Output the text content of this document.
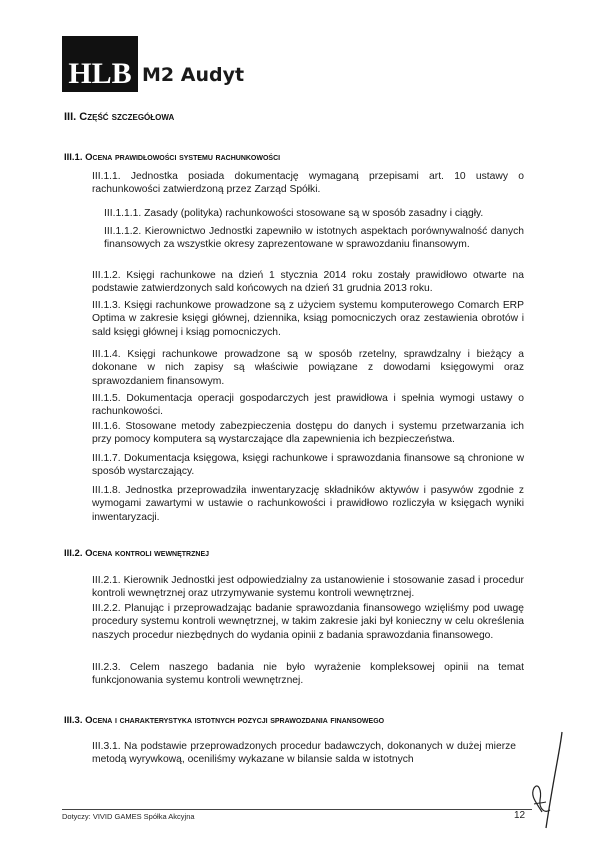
HLB M2 Audyt
III. Część szczegółowa
III.1. Ocena prawidłowości systemu rachunkowości
III.1.1. Jednostka posiada dokumentację wymaganą przepisami art. 10 ustawy o rachunkowości zatwierdzoną przez Zarząd Spółki.
III.1.1.1. Zasady (polityka) rachunkowości stosowane są w sposób zasadny i ciągły.
III.1.1.2. Kierownictwo Jednostki zapewniło w istotnych aspektach porównywalność danych finansowych za wszystkie okresy zaprezentowane w sprawozdaniu finansowym.
III.1.2. Księgi rachunkowe na dzień 1 stycznia 2014 roku zostały prawidłowo otwarte na podstawie zatwierdzonych sald końcowych na dzień 31 grudnia 2013 roku.
III.1.3. Księgi rachunkowe prowadzone są z użyciem systemu komputerowego Comarch ERP Optima w zakresie księgi głównej, dziennika, ksiąg pomocniczych oraz zestawienia obrotów i sald księgi głównej i ksiąg pomocniczych.
III.1.4. Księgi rachunkowe prowadzone są w sposób rzetelny, sprawdzalny i bieżący a dokonane w nich zapisy są właściwie powiązane z dowodami księgowymi oraz sprawozdaniem finansowym.
III.1.5. Dokumentacja operacji gospodarczych jest prawidłowa i spełnia wymogi ustawy o rachunkowości.
III.1.6. Stosowane metody zabezpieczenia dostępu do danych i systemu przetwarzania ich przy pomocy komputera są wystarczające dla zapewnienia ich bezpieczeństwa.
III.1.7. Dokumentacja księgowa, księgi rachunkowe i sprawozdania finansowe są chronione w sposób wystarczający.
III.1.8. Jednostka przeprowadziła inwentaryzację składników aktywów i pasywów zgodnie z wymogami zawartymi w ustawie o rachunkowości i prawidłowo rozliczyła w księgach wyniki inwentaryzacji.
III.2. Ocena kontroli wewnętrznej
III.2.1. Kierownik Jednostki jest odpowiedzialny za ustanowienie i stosowanie zasad i procedur kontroli wewnętrznej oraz utrzymywanie systemu kontroli wewnętrznej.
III.2.2. Planując i przeprowadzając badanie sprawozdania finansowego wzięliśmy pod uwagę procedury systemu kontroli wewnętrznej, w takim zakresie jaki był konieczny w celu określenia naszych procedur niezbędnych do wydania opinii z badania sprawozdania finansowego.
III.2.3. Celem naszego badania nie było wyrażenie kompleksowej opinii na temat funkcjonowania systemu kontroli wewnętrznej.
III.3. Ocena i charakterystyka istotnych pozycji sprawozdania finansowego
III.3.1. Na podstawie przeprowadzonych procedur badawczych, dokonanych w dużej mierze metodą wyrywkową, oceniliśmy wykazane w bilansie salda w istotnych
Dotyczy: VIVID GAMES Spółka Akcyjna	12
